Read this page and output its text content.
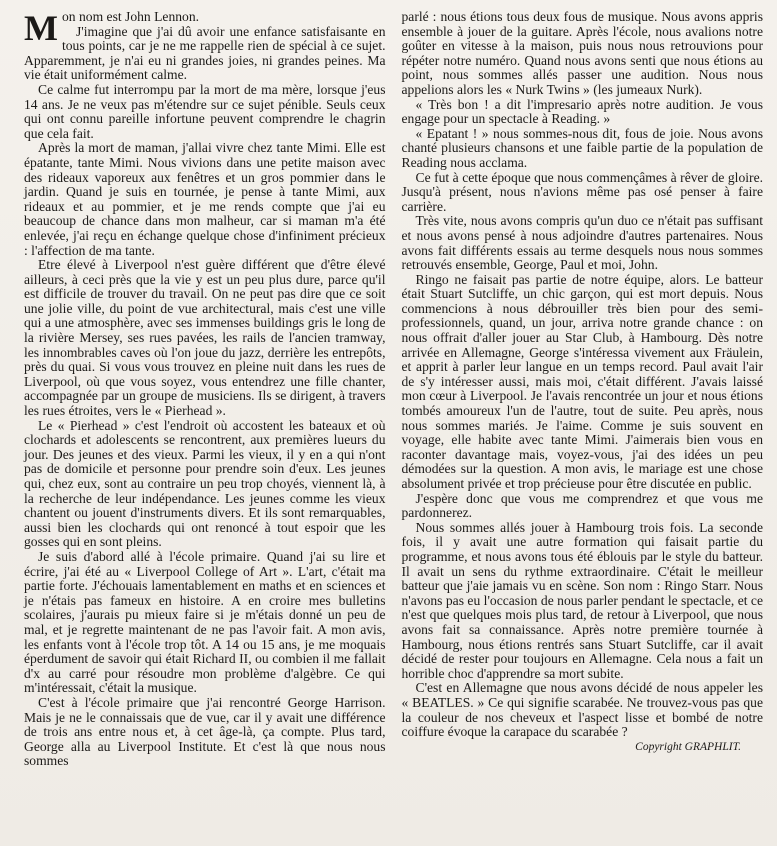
Mon nom est John Lennon.

J'imagine que j'ai dû avoir une enfance satisfaisante en tous points, car je ne me rappelle rien de spécial à ce sujet. Apparemment, je n'ai eu ni grandes joies, ni grandes peines. Ma vie était uniformément calme.

Ce calme fut interrompu par la mort de ma mère, lorsque j'eus 14 ans. Je ne veux pas m'étendre sur ce sujet pénible. Seuls ceux qui ont connu pareille infortune peuvent comprendre le chagrin que cela fait.

Après la mort de maman, j'allai vivre chez tante Mimi. Elle est épatante, tante Mimi. Nous vivions dans une petite maison avec des rideaux vaporeux aux fenêtres et un gros pommier dans le jardin. Quand je suis en tournée, je pense à tante Mimi, aux rideaux et au pommier, et je me rends compte que j'ai eu beaucoup de chance dans mon malheur, car si maman m'a été enlevée, j'ai reçu en échange quelque chose d'infiniment précieux : l'affection de ma tante.

Etre élevé à Liverpool n'est guère différent que d'être élevé ailleurs, à ceci près que la vie y est un peu plus dure, parce qu'il est difficile de trouver du travail. On ne peut pas dire que ce soit une jolie ville, du point de vue architectural, mais c'est une ville qui a une atmosphère, avec ses immenses buildings gris le long de la rivière Mersey, ses rues pavées, les rails de l'ancien tramway, les innombrables caves où l'on joue du jazz, derrière les entrepôts, près du quai. Si vous vous trouvez en pleine nuit dans les rues de Liverpool, où que vous soyez, vous entendrez une fille chanter, accompagnée par un groupe de musiciens. Ils se dirigent, à travers les rues étroites, vers le « Pierhead ».

Le « Pierhead » c'est l'endroit où accostent les bateaux et où clochards et adolescents se rencontrent, aux premières lueurs du jour. Des jeunes et des vieux. Parmi les vieux, il y en a qui n'ont pas de domicile et personne pour prendre soin d'eux. Les jeunes qui, chez eux, sont au contraire un peu trop choyés, viennent là, à la recherche de leur indépendance. Les jeunes comme les vieux chantent ou jouent d'instruments divers. Et ils sont remarquables, aussi bien les clochards qui ont renoncé à tout espoir que les gosses qui en sont pleins.

Je suis d'abord allé à l'école primaire. Quand j'ai su lire et écrire, j'ai été au « Liverpool College of Art ». L'art, c'était ma partie forte. J'échouais lamentablement en maths et en sciences et je n'étais pas fameux en histoire. A en croire mes bulletins scolaires, j'aurais pu mieux faire si je m'étais donné un peu de mal, et je regrette maintenant de ne pas l'avoir fait. A mon avis, les enfants vont à l'école trop tôt. A 14 ou 15 ans, je me moquais éperdument de savoir qui était Richard II, ou combien il me fallait d'x au carré pour résoudre mon problème d'algèbre. Ce qui m'intéressait, c'était la musique.

C'est à l'école primaire que j'ai rencontré George Harrison. Mais je ne le connaissais que de vue, car il y avait une différence de trois ans entre nous et, à cet âge-là, ça compte. Plus tard, George alla au Liverpool Institute. Et c'est là que nous nous sommes

parlé : nous étions tous deux fous de musique. Nous avons appris ensemble à jouer de la guitare. Après l'école, nous avalions notre goûter en vitesse à la maison, puis nous nous retrouvions pour répéter notre numéro. Quand nous avons senti que nous étions au point, nous sommes allés passer une audition. Nous nous appelions alors les « Nurk Twins » (les jumeaux Nurk).

« Très bon ! a dit l'impresario après notre audition. Je vous engage pour un spectacle à Reading. »

« Epatant ! » nous sommes-nous dit, fous de joie. Nous avons chanté plusieurs chansons et une faible partie de la population de Reading nous acclama.

Ce fut à cette époque que nous commençâmes à rêver de gloire. Jusqu'à présent, nous n'avions même pas osé penser à faire carrière.

Très vite, nous avons compris qu'un duo ce n'était pas suffisant et nous avons pensé à nous adjoindre d'autres partenaires. Nous avons fait différents essais au terme desquels nous nous sommes retrouvés ensemble, George, Paul et moi, John.

Ringo ne faisait pas partie de notre équipe, alors. Le batteur était Stuart Sutcliffe, un chic garçon, qui est mort depuis. Nous commencions à nous débrouiller très bien pour des semi-professionnels, quand, un jour, arriva notre grande chance : on nous offrait d'aller jouer au Star Club, à Hambourg. Dès notre arrivée en Allemagne, George s'intéressa vivement aux Fräulein, et apprit à parler leur langue en un temps record. Paul avait l'air de s'y intéresser aussi, mais moi, c'était différent. J'avais laissé mon cœur à Liverpool. Je l'avais rencontrée un jour et nous étions tombés amoureux l'un de l'autre, tout de suite. Peu après, nous nous sommes mariés. Je l'aime. Comme je suis souvent en voyage, elle habite avec tante Mimi. J'aimerais bien vous en raconter davantage mais, voyez-vous, j'ai des idées un peu démodées sur la question. A mon avis, le mariage est une chose absolument privée et trop précieuse pour être discutée en public.

J'espère donc que vous me comprendrez et que vous me pardonnerez.

Nous sommes allés jouer à Hambourg trois fois. La seconde fois, il y avait une autre formation qui faisait partie du programme, et nous avons tous été éblouis par le style du batteur. Il avait un sens du rythme extraordinaire. C'était le meilleur batteur que j'aie jamais vu en scène. Son nom : Ringo Starr. Nous n'avons pas eu l'occasion de nous parler pendant le spectacle, et ce n'est que quelques mois plus tard, de retour à Liverpool, que nous avons fait sa connaissance. Après notre première tournée à Hambourg, nous étions rentrés sans Stuart Sutcliffe, car il avait décidé de rester pour toujours en Allemagne. Cela nous a fait un horrible choc d'apprendre sa mort subite.

C'est en Allemagne que nous avons décidé de nous appeler les « BEATLES. » Ce qui signifie scarabée. Ne trouvez-vous pas que la couleur de nos cheveux et l'aspect lisse et bombé de notre coiffure évoque la carapace du scarabée ?

Copyright GRAPHLIT.
